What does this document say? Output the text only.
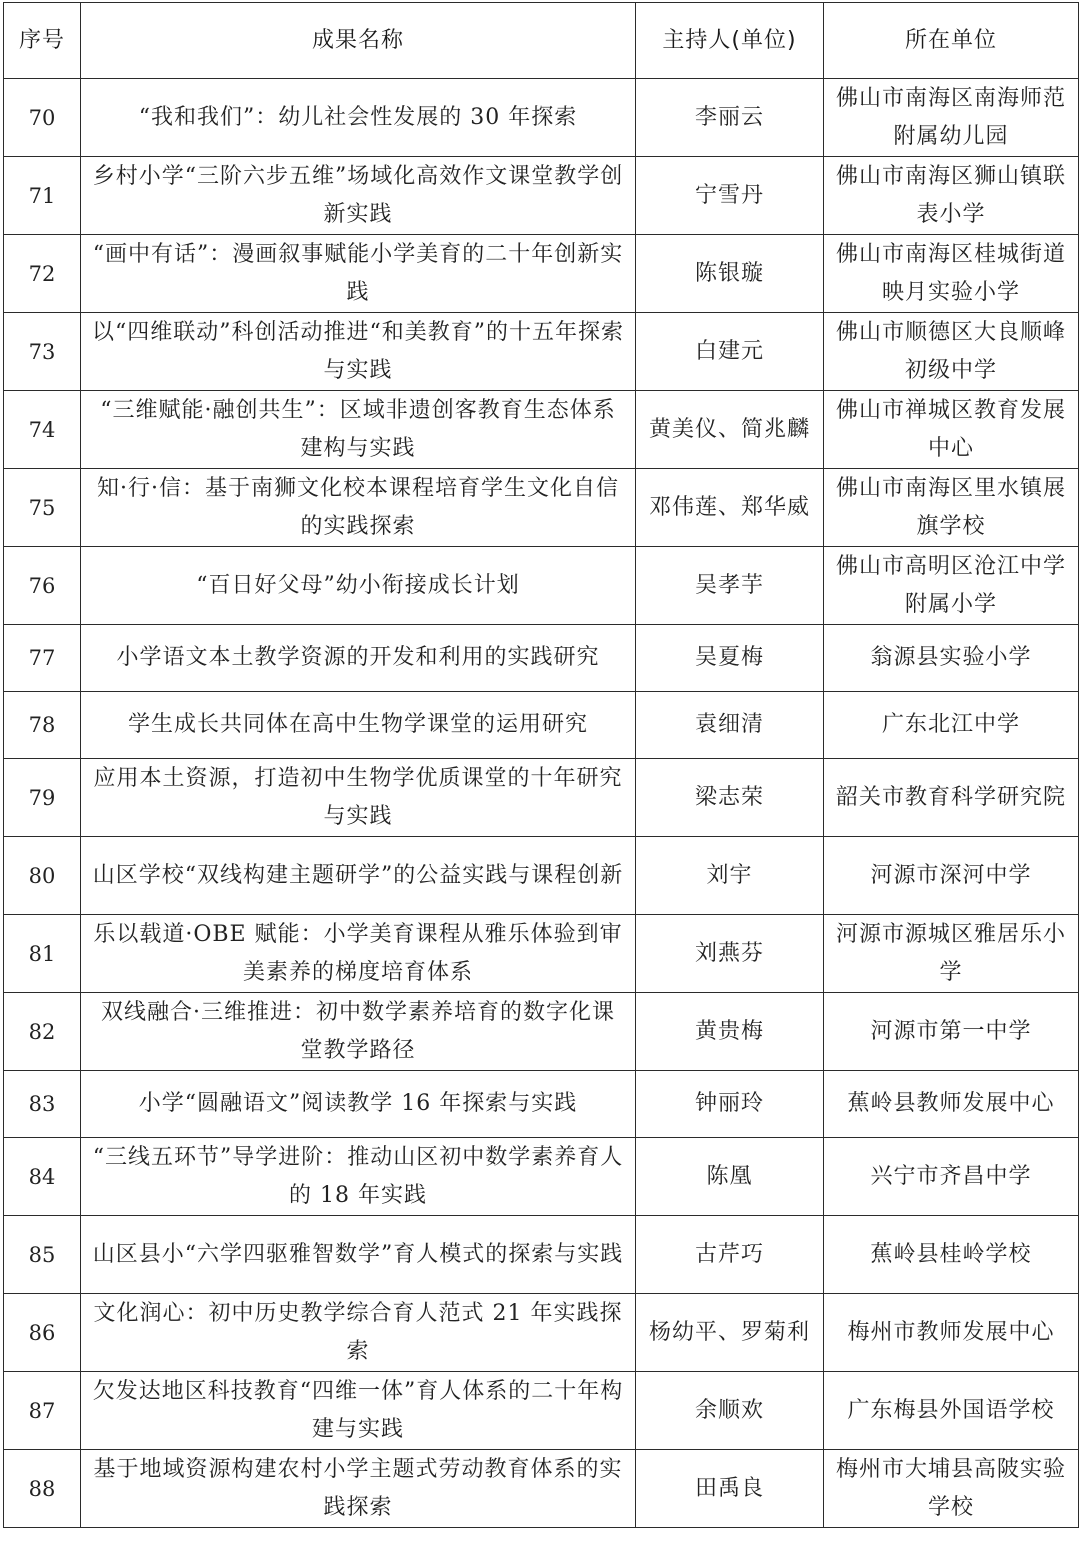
序号	成果名称	主持人(单位)	所在单位
70	“我和我们”：幼儿社会性发展的 30 年探索	李丽云	佛山市南海区南海师范附属幼儿园
71	乡村小学“三阶六步五维”场域化高效作文课堂教学创新实践	宁雪丹	佛山市南海区狮山镇联表小学
72	“画中有话”：漫画叙事赋能小学美育的二十年创新实践	陈银璇	佛山市南海区桂城街道映月实验小学
73	以“四维联动”科创活动推进“和美教育”的十五年探索与实践	白建元	佛山市顺德区大良顺峰初级中学
74	“三维赋能·融创共生”：区域非遗创客教育生态体系建构与实践	黄美仪、简兆麟	佛山市禅城区教育发展中心
75	知·行·信：基于南狮文化校本课程培育学生文化自信的实践探索	邓伟莲、郑华威	佛山市南海区里水镇展旗学校
76	“百日好父母”幼小衔接成长计划	吴孝芋	佛山市高明区沧江中学附属小学
77	小学语文本土教学资源的开发和利用的实践研究	吴夏梅	翁源县实验小学
78	学生成长共同体在高中生物学课堂的运用研究	袁细清	广东北江中学
79	应用本土资源，打造初中生物学优质课堂的十年研究与实践	梁志荣	韶关市教育科学研究院
80	山区学校“双线构建主题研学”的公益实践与课程创新	刘宇	河源市深河中学
81	乐以载道·OBE 赋能：小学美育课程从雅乐体验到审美素养的梯度培育体系	刘燕芬	河源市源城区雅居乐小学
82	双线融合·三维推进：初中数学素养培育的数字化课堂教学路径	黄贵梅	河源市第一中学
83	小学“圆融语文”阅读教学 16 年探索与实践	钟丽玲	蕉岭县教师发展中心
84	“三线五环节”导学进阶：推动山区初中数学素养育人的 18 年实践	陈凰	兴宁市齐昌中学
85	山区县小“六学四驱雅智数学”育人模式的探索与实践	古芹巧	蕉岭县桂岭学校
86	文化润心：初中历史教学综合育人范式 21 年实践探索	杨幼平、罗菊利	梅州市教师发展中心
87	欠发达地区科技教育“四维一体”育人体系的二十年构建与实践	余顺欢	广东梅县外国语学校
88	基于地域资源构建农村小学主题式劳动教育体系的实践探索	田禹良	梅州市大埔县高陂实验学校
